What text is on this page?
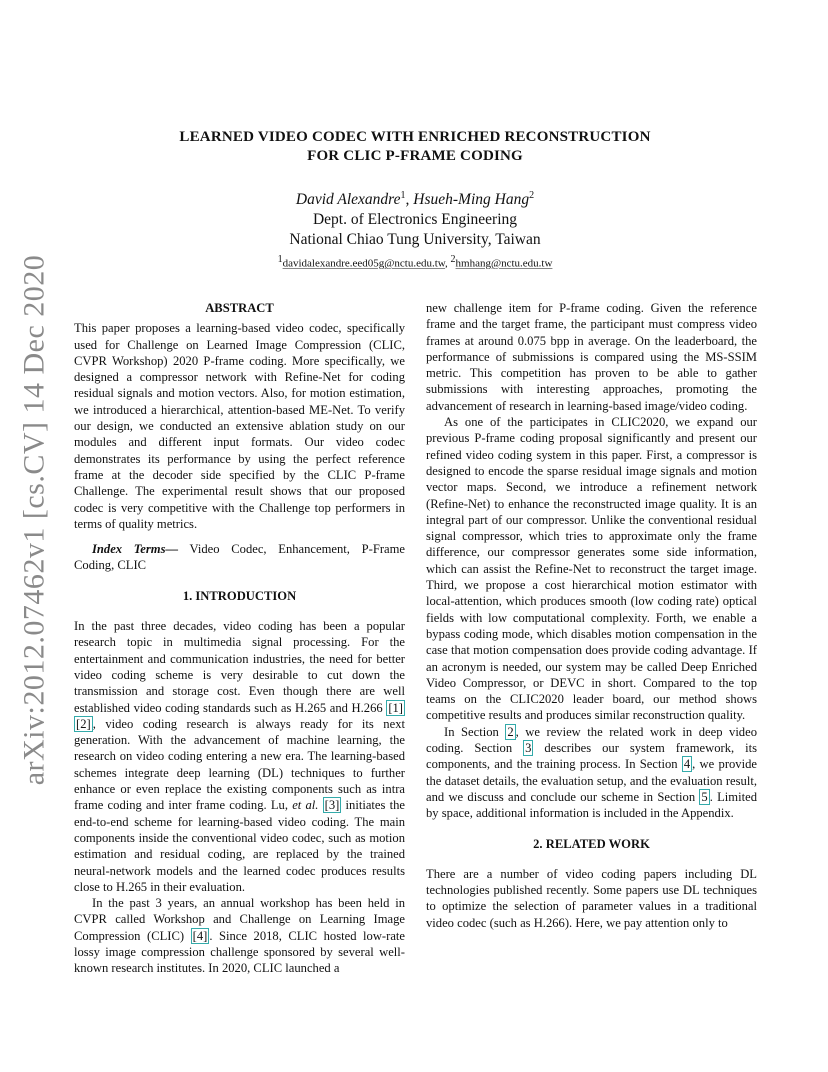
arXiv:2012.07462v1 [cs.CV] 14 Dec 2020
LEARNED VIDEO CODEC WITH ENRICHED RECONSTRUCTION
FOR CLIC P-FRAME CODING
David Alexandre$^1$, Hsueh-Ming Hang$^2$
Dept. of Electronics Engineering
National Chiao Tung University, Taiwan
$^1$davidalexandre.eed05g@nctu.edu.tw, $^2$hmhang@nctu.edu.tw
ABSTRACT

This paper proposes a learning-based video codec, specifically used for Challenge on Learned Image Compression (CLIC, CVPR Workshop) 2020 P-frame coding. More specifically, we designed a compressor network with Refine-Net for coding residual signals and motion vectors. Also, for motion estimation, we introduced a hierarchical, attention-based ME-Net. To verify our design, we conducted an extensive ablation study on our modules and different input formats. Our video codec demonstrates its performance by using the perfect reference frame at the decoder side specified by the CLIC P-frame Challenge. The experimental result shows that our proposed codec is very competitive with the Challenge top performers in terms of quality metrics.

Index Terms— Video Codec, Enhancement, P-Frame Coding, CLIC

1. INTRODUCTION

In the past three decades, video coding has been a popular research topic in multimedia signal processing. For the entertainment and communication industries, the need for better video coding scheme is very desirable to cut down the transmission and storage cost. Even though there are well established video coding standards such as H.265 and H.266 [1] [2] , video coding research is always ready for its next generation. With the advancement of machine learning, the research on video coding entering a new era. The learning-based schemes integrate deep learning (DL) techniques to further enhance or even replace the existing components such as intra frame coding and inter frame coding. Lu, et al. [3] initiates the end-to-end scheme for learning-based video coding. The main components inside the conventional video codec, such as motion estimation and residual coding, are replaced by the trained neural-network models and the learned codec produces results close to H.265 in their evaluation.

In the past 3 years, an annual workshop has been held in CVPR called Workshop and Challenge on Learning Image Compression (CLIC) [4] . Since 2018, CLIC hosted low-rate lossy image compression challenge sponsored by several well-known research institutes. In 2020, CLIC launched a

new challenge item for P-frame coding. Given the reference frame and the target frame, the participant must compress video frames at around 0.075 bpp in average. On the leaderboard, the performance of submissions is compared using the MS-SSIM metric. This competition has proven to be able to gather submissions with interesting approaches, promoting the advancement of research in learning-based image/video coding.

As one of the participates in CLIC2020, we expand our previous P-frame coding proposal significantly and present our refined video coding system in this paper. First, a compressor is designed to encode the sparse residual image signals and motion vector maps. Second, we introduce a refinement network (Refine-Net) to enhance the reconstructed image quality. It is an integral part of our compressor. Unlike the conventional residual signal compressor, which tries to approximate only the frame difference, our compressor generates some side information, which can assist the Refine-Net to reconstruct the target image. Third, we propose a cost hierarchical motion estimator with local-attention, which produces smooth (low coding rate) optical fields with low computational complexity. Forth, we enable a bypass coding mode, which disables motion compensation in the case that motion compensation does provide coding advantage. If an acronym is needed, our system may be called Deep Enriched Video Compressor, or DEVC in short. Compared to the top teams on the CLIC2020 leader board, our method shows competitive results and produces similar reconstruction quality.

In Section 2 , we review the related work in deep video coding. Section 3 describes our system framework, its components, and the training process. In Section 4 , we provide the dataset details, the evaluation setup, and the evaluation result, and we discuss and conclude our scheme in Section 5 . Limited by space, additional information is included in the Appendix.

2. RELATED WORK

There are a number of video coding papers including DL technologies published recently. Some papers use DL techniques to optimize the selection of parameter values in a traditional video codec (such as H.266). Here, we pay attention only to
